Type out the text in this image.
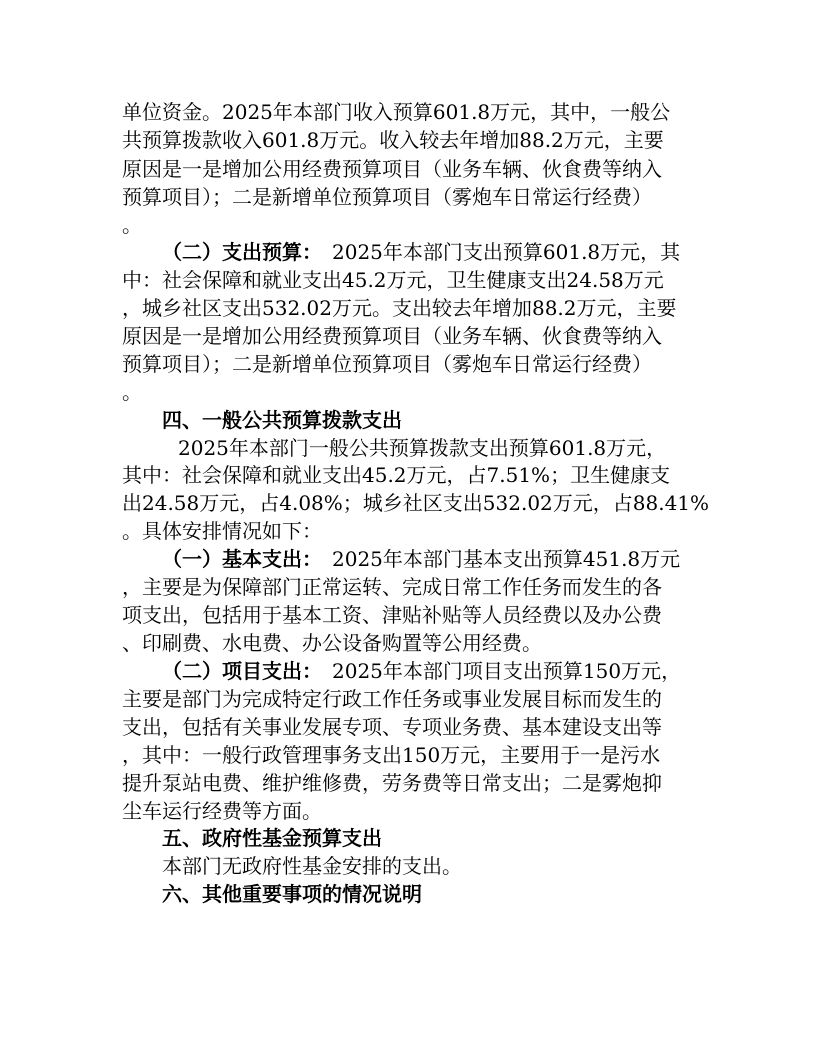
单位资金。2025年本部门收入预算601.8万元，其中，一般公
共预算拨款收入601.8万元。收入较去年增加88.2万元，主要
原因是一是增加公用经费预算项目（业务车辆、伙食费等纳入
预算项目）；二是新增单位预算项目（雾炮车日常运行经费）
。
（二）支出预算： 2025年本部门支出预算601.8万元，其
中：社会保障和就业支出45.2万元，卫生健康支出24.58万元
，城乡社区支出532.02万元。支出较去年增加88.2万元，主要
原因是一是增加公用经费预算项目（业务车辆、伙食费等纳入
预算项目）；二是新增单位预算项目（雾炮车日常运行经费）
。
四、一般公共预算拨款支出
2025年本部门一般公共预算拨款支出预算601.8万元，
其中：社会保障和就业支出45.2万元，占7.51%；卫生健康支
出24.58万元，占4.08%；城乡社区支出532.02万元，占88.41%
。具体安排情况如下：
（一）基本支出： 2025年本部门基本支出预算451.8万元
，主要是为保障部门正常运转、完成日常工作任务而发生的各
项支出，包括用于基本工资、津贴补贴等人员经费以及办公费
、印刷费、水电费、办公设备购置等公用经费。
（二）项目支出： 2025年本部门项目支出预算150万元，
主要是部门为完成特定行政工作任务或事业发展目标而发生的
支出，包括有关事业发展专项、专项业务费、基本建设支出等
，其中：一般行政管理事务支出150万元，主要用于一是污水
提升泵站电费、维护维修费，劳务费等日常支出；二是雾炮抑
尘车运行经费等方面。
五、政府性基金预算支出
本部门无政府性基金安排的支出。
六、其他重要事项的情况说明
